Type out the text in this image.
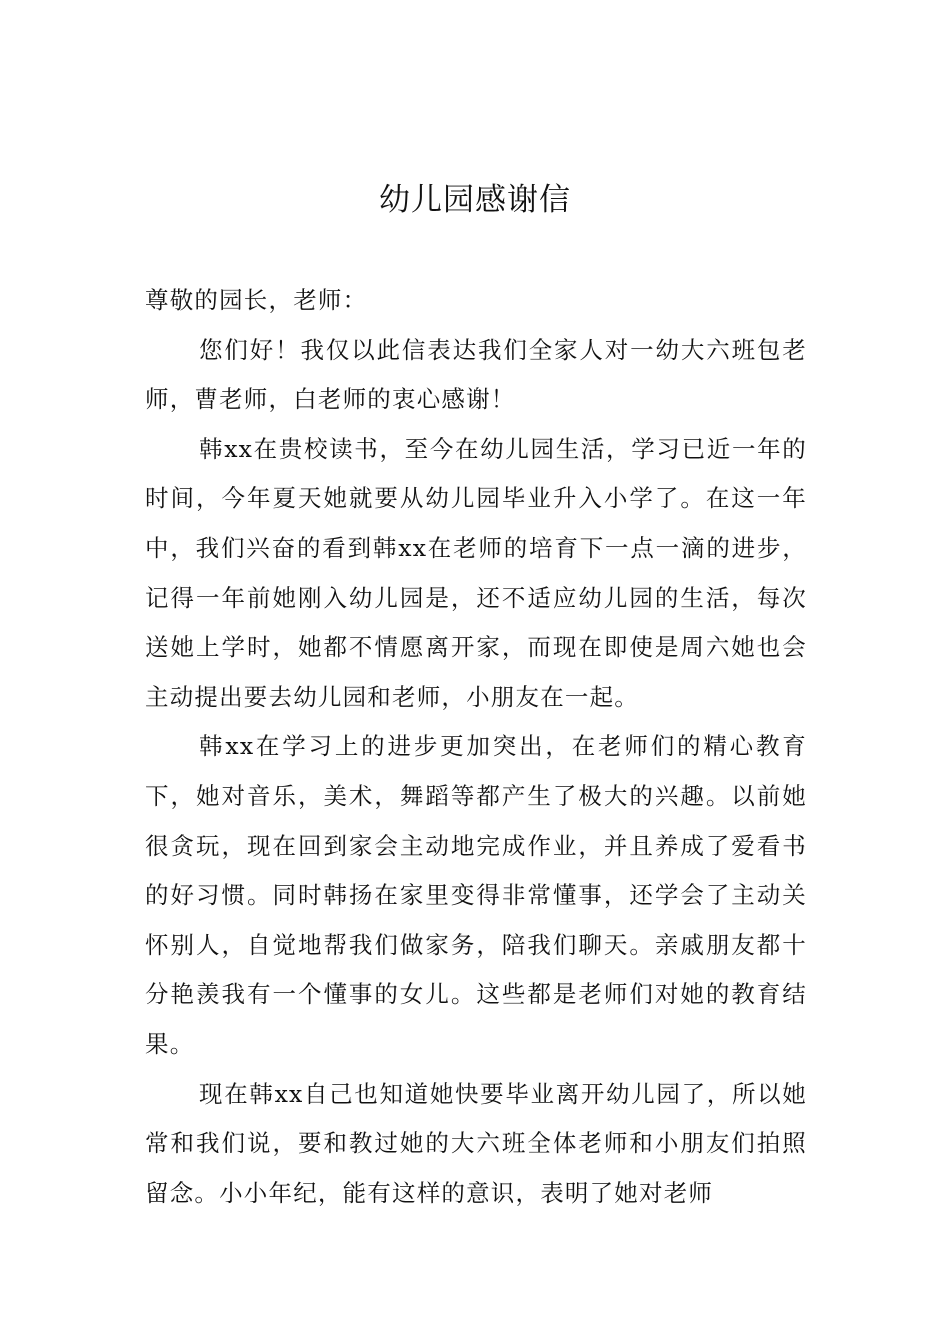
幼儿园感谢信

尊敬的园长，老师：

您们好！我仅以此信表达我们全家人对一幼大六班包老师，曹老师，白老师的衷心感谢！

韩xx在贵校读书，至今在幼儿园生活，学习已近一年的时间，今年夏天她就要从幼儿园毕业升入小学了。在这一年中，我们兴奋的看到韩xx在老师的培育下一点一滴的进步，记得一年前她刚入幼儿园是，还不适应幼儿园的生活，每次送她上学时，她都不情愿离开家，而现在即使是周六她也会主动提出要去幼儿园和老师，小朋友在一起。

韩xx在学习上的进步更加突出，在老师们的精心教育下，她对音乐，美术，舞蹈等都产生了极大的兴趣。以前她很贪玩，现在回到家会主动地完成作业，并且养成了爱看书的好习惯。同时韩扬在家里变得非常懂事，还学会了主动关怀别人，自觉地帮我们做家务，陪我们聊天。亲戚朋友都十分艳羡我有一个懂事的女儿。这些都是老师们对她的教育结果。

现在韩xx自己也知道她快要毕业离开幼儿园了，所以她常和我们说，要和教过她的大六班全体老师和小朋友们拍照留念。小小年纪，能有这样的意识，表明了她对老师
